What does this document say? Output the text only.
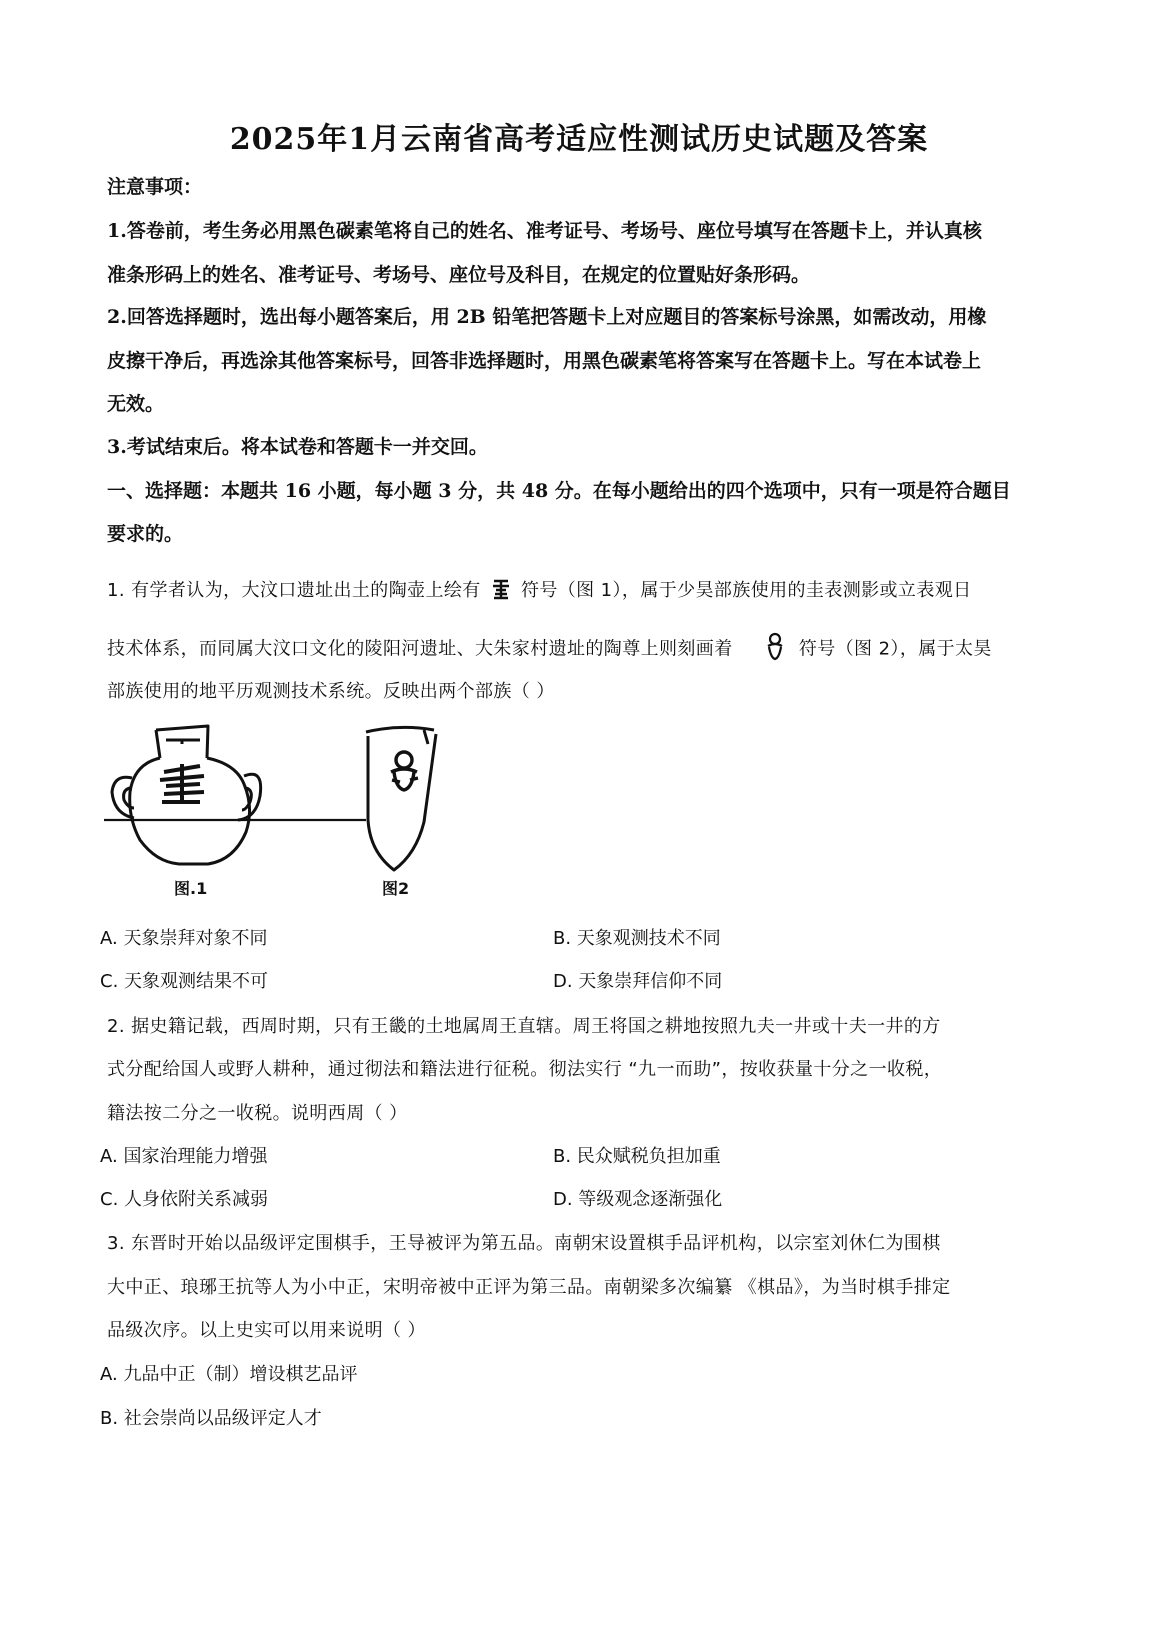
2025年1月云南省高考适应性测试历史试题及答案
注意事项：
1.答卷前，考生务必用黑色碳素笔将自己的姓名、准考证号、考场号、座位号填写在答题卡上，并认真核
准条形码上的姓名、准考证号、考场号、座位号及科目，在规定的位置贴好条形码。
2.回答选择题时，选出每小题答案后，用 2B 铅笔把答题卡上对应题目的答案标号涂黑，如需改动，用橡
皮擦干净后，再选涂其他答案标号，回答非选择题时，用黑色碳素笔将答案写在答题卡上。写在本试卷上
无效。
3.考试结束后。将本试卷和答题卡一并交回。
一、选择题：本题共 16 小题，每小题 3 分，共 48 分。在每小题给出的四个选项中，只有一项是符合题目
要求的。
1. 有学者认为，大汶口遗址出土的陶壶上绘有 符号（图 1），属于少昊部族使用的圭表测影或立表观日
技术体系，而同属大汶口文化的陵阳河遗址、大朱家村遗址的陶尊上则刻画着	符号（图 2），属于太昊
部族使用的地平历观测技术系统。反映出两个部族（ ）
图.1	图2
A. 天象崇拜对象不同	B. 天象观测技术不同
C. 天象观测结果不可	D. 天象崇拜信仰不同
2. 据史籍记载，西周时期，只有王畿的土地属周王直辖。周王将国之耕地按照九夫一井或十夫一井的方
式分配给国人或野人耕种，通过彻法和籍法进行征税。彻法实行 “九一而助”，按收获量十分之一收税，
籍法按二分之一收税。说明西周（ ）
A. 国家治理能力增强	B. 民众赋税负担加重
C. 人身依附关系减弱	D. 等级观念逐渐强化
3. 东晋时开始以品级评定围棋手，王导被评为第五品。南朝宋设置棋手品评机构，以宗室刘休仁为围棋
大中正、琅琊王抗等人为小中正，宋明帝被中正评为第三品。南朝梁多次编纂 《棋品》，为当时棋手排定
品级次序。以上史实可以用来说明（ ）
A. 九品中正（制）增设棋艺品评
B. 社会崇尚以品级评定人才
